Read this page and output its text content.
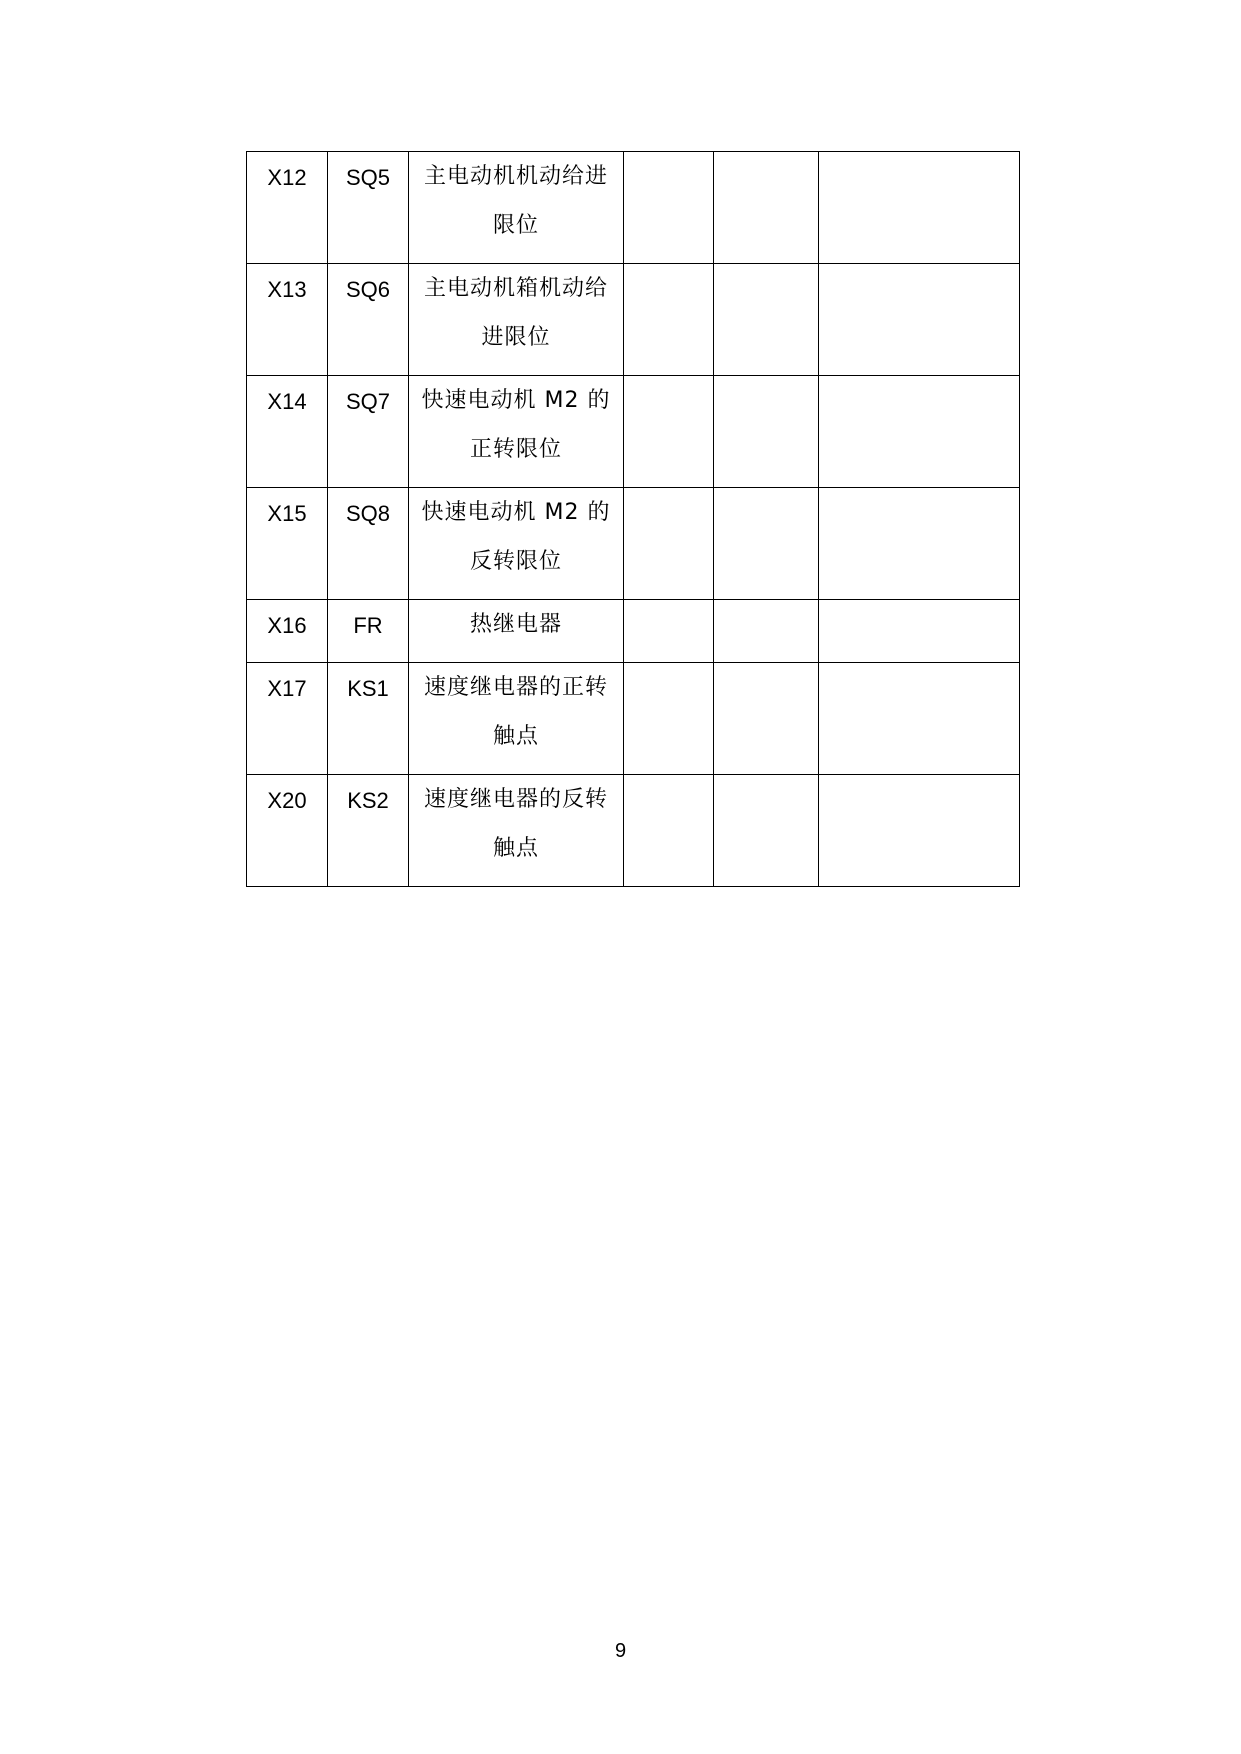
X12	SQ5	主电动机机动给进限位			

X13	SQ6	主电动机箱机动给进限位			

X14	SQ7	快速电动机 M2 的正转限位			

X15	SQ8	快速电动机 M2 的反转限位			

X16	FR	热继电器			

X17	KS1	速度继电器的正转触点			

X20	KS2	速度继电器的反转触点			

9
